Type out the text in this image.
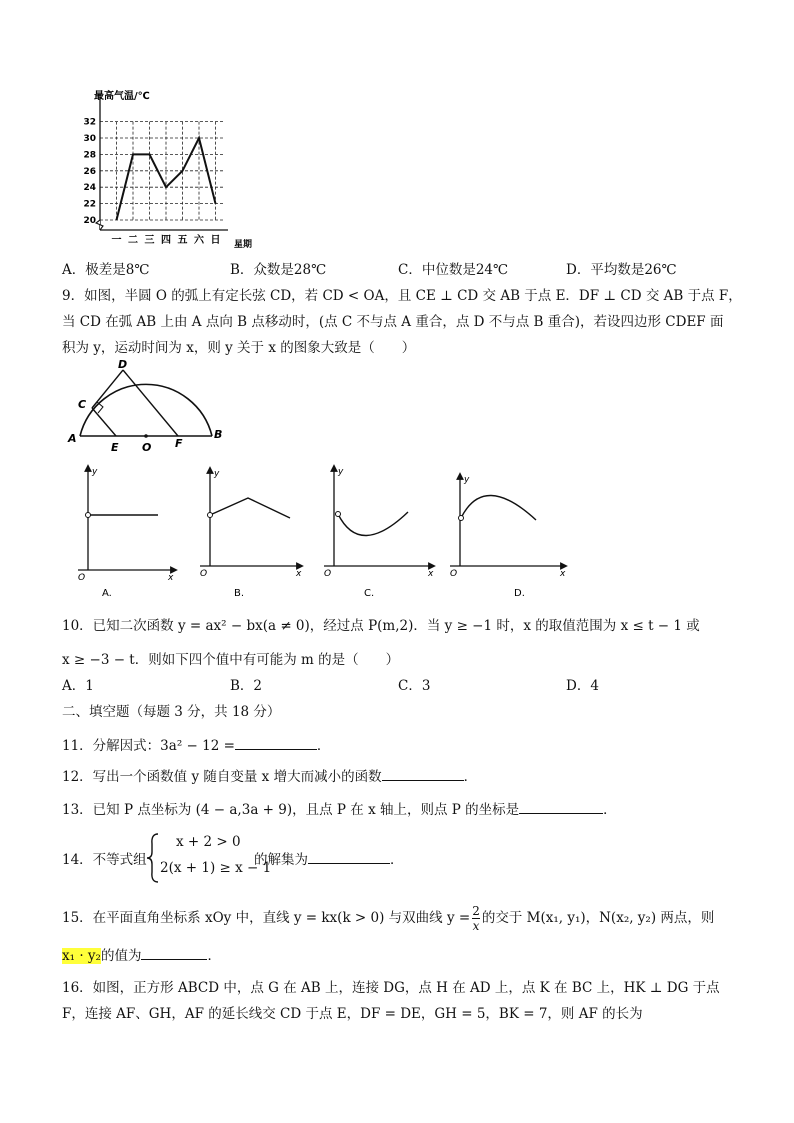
20
22
24
26
28
30
32
一 二 三 四 五 六 日
最高气温/℃
星期
A．极差是8℃	B．众数是28℃	C．中位数是24℃	D．平均数是26℃
9．如图，半圆 O 的弧上有定长弦 CD，若 CD < OA，且 CE ⊥ CD 交 AB 于点 E．DF ⊥ CD 交 AB 于点 F，
当 CD 在弧 AB 上由 A 点向 B 点移动时，(点 C 不与点 A 重合，点 D 不与点 B 重合)，若设四边形 CDEF 面
积为 y，运动时间为 x，则 y 关于 x 的图象大致是（　　）
A	B
C
D
E O F
y
x
O
A.
y
x
O
B.
y
x
O
C.
y
x
O
D.
10．已知二次函数 y = ax² − bx(a ≠ 0)，经过点 P(m,2)．当 y ≥ −1 时，x 的取值范围为 x ≤ t − 1 或
x ≥ −3 − t．则如下四个值中有可能为 m 的是（　　）
A．1	B．2	C．3	D．4
二、填空题（每题 3 分，共 18 分）
11．分解因式：3a² − 12 =	．
12．写出一个函数值 y 随自变量 x 增大而减小的函数	．
13．已知 P 点坐标为 (4 − a,3a + 9)，且点 P 在 x 轴上，则点 P 的坐标是	．
14．不等式组
x + 2 > 0
2(x + 1) ≥ x − 1
的解集为	．
15．在平面直角坐标系 xOy 中，直线 y = kx(k > 0) 与双曲线 $y = \frac{2}{x}$ 的交于 M(x₁, y₁)，N(x₂, y₂) 两点，则
x₁ · y₂的值为	．
16．如图，正方形 ABCD 中，点 G 在 AB 上，连接 DG，点 H 在 AD 上，点 K 在 BC 上，HK ⊥ DG 于点
F，连接 AF、GH，AF 的延长线交 CD 于点 E，DF = DE，GH = 5，BK = 7，则 AF 的长为
